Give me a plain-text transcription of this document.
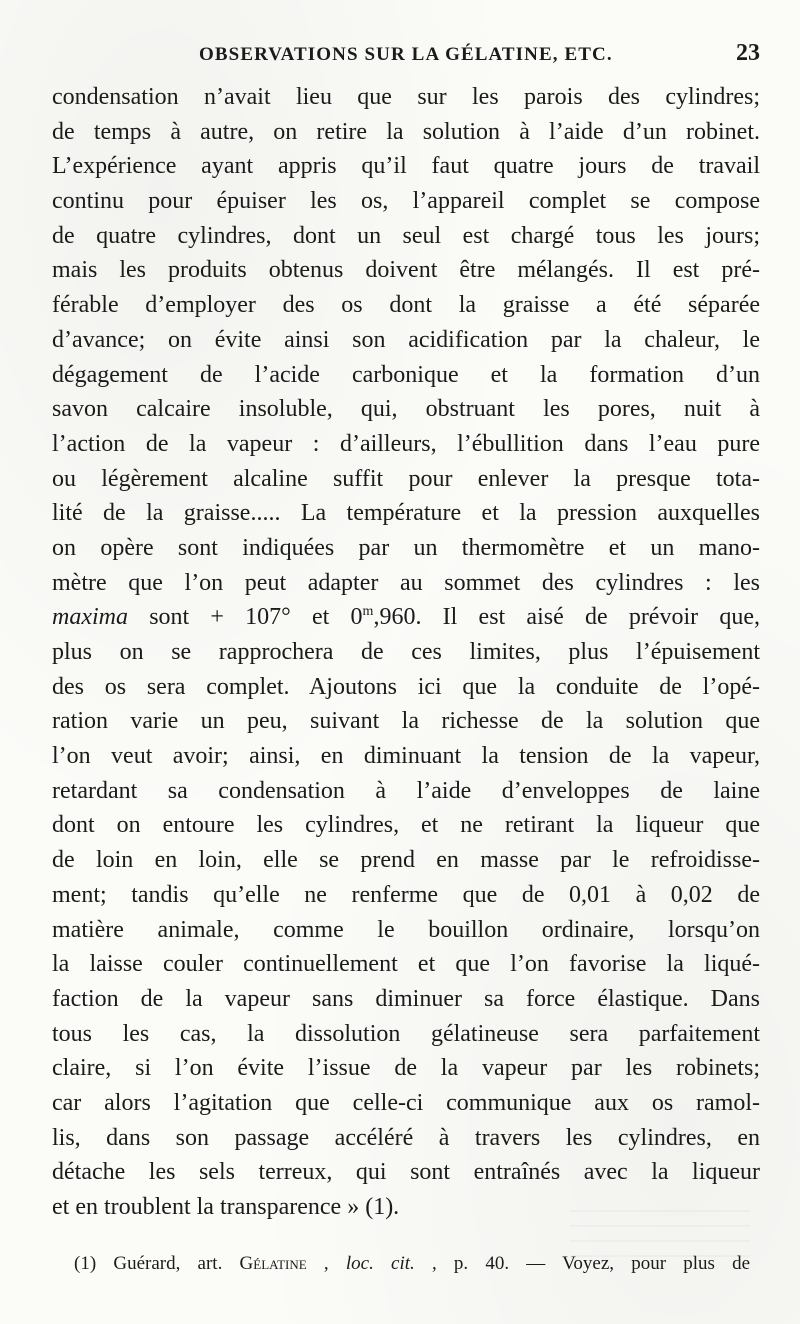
OBSERVATIONS SUR LA GÉLATINE, ETC.	23
condensation n’avait lieu que sur les parois des cylindres;
de temps à autre, on retire la solution à l’aide d’un robinet.
L’expérience ayant appris qu’il faut quatre jours de travail
continu pour épuiser les os, l’appareil complet se compose
de quatre cylindres, dont un seul est chargé tous les jours;
mais les produits obtenus doivent être mélangés. Il est pré-
férable d’employer des os dont la graisse a été séparée
d’avance; on évite ainsi son acidification par la chaleur, le
dégagement de l’acide carbonique et la formation d’un
savon calcaire insoluble, qui, obstruant les pores, nuit à
l’action de la vapeur : d’ailleurs, l’ébullition dans l’eau pure
ou légèrement alcaline suffit pour enlever la presque tota-
lité de la graisse..... La température et la pression auxquelles
on opère sont indiquées par un thermomètre et un mano-
mètre que l’on peut adapter au sommet des cylindres : les
maxima sont + 107° et 0$^m$,960. Il est aisé de prévoir que,
plus on se rapprochera de ces limites, plus l’épuisement
des os sera complet. Ajoutons ici que la conduite de l’opé-
ration varie un peu, suivant la richesse de la solution que
l’on veut avoir; ainsi, en diminuant la tension de la vapeur,
retardant sa condensation à l’aide d’enveloppes de laine
dont on entoure les cylindres, et ne retirant la liqueur que
de loin en loin, elle se prend en masse par le refroidisse-
ment; tandis qu’elle ne renferme que de 0,01 à 0,02 de
matière animale, comme le bouillon ordinaire, lorsqu’on
la laisse couler continuellement et que l’on favorise la liqué-
faction de la vapeur sans diminuer sa force élastique. Dans
tous les cas, la dissolution gélatineuse sera parfaitement
claire, si l’on évite l’issue de la vapeur par les robinets;
car alors l’agitation que celle-ci communique aux os ramol-
lis, dans son passage accéléré à travers les cylindres, en
détache les sels terreux, qui sont entraînés avec la liqueur
et en troublent la transparence » (1).
(1) Guérard, art. Gélatine , loc. cit. , p. 40. — Voyez, pour plus de
